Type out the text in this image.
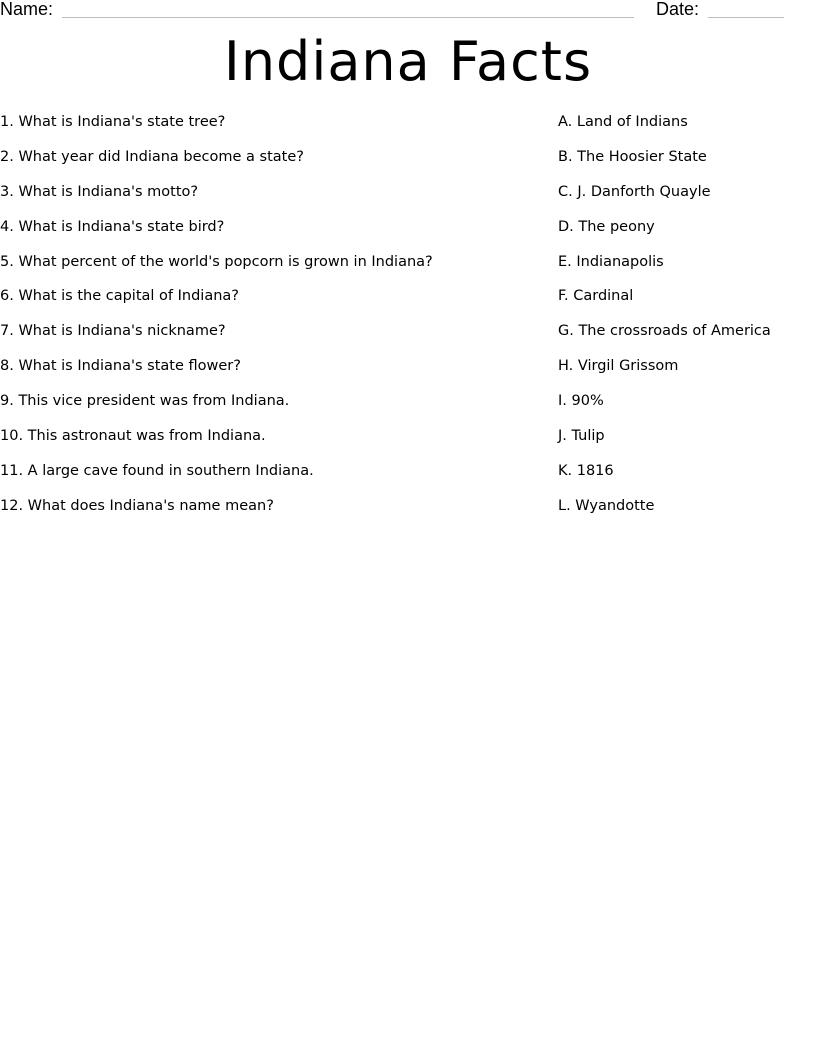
Name:	Date:
Indiana Facts
1. What is Indiana's state tree?
2. What year did Indiana become a state?
3. What is Indiana's motto?
4. What is Indiana's state bird?
5. What percent of the world's popcorn is grown in Indiana?
6. What is the capital of Indiana?
7. What is Indiana's nickname?
8. What is Indiana's state flower?
9. This vice president was from Indiana.
10. This astronaut was from Indiana.
11. A large cave found in southern Indiana.
12. What does Indiana's name mean?
A. Land of Indians
B. The Hoosier State
C. J. Danforth Quayle
D. The peony
E. Indianapolis
F. Cardinal
G. The crossroads of America
H. Virgil Grissom
I. 90%
J. Tulip
K. 1816
L. Wyandotte
